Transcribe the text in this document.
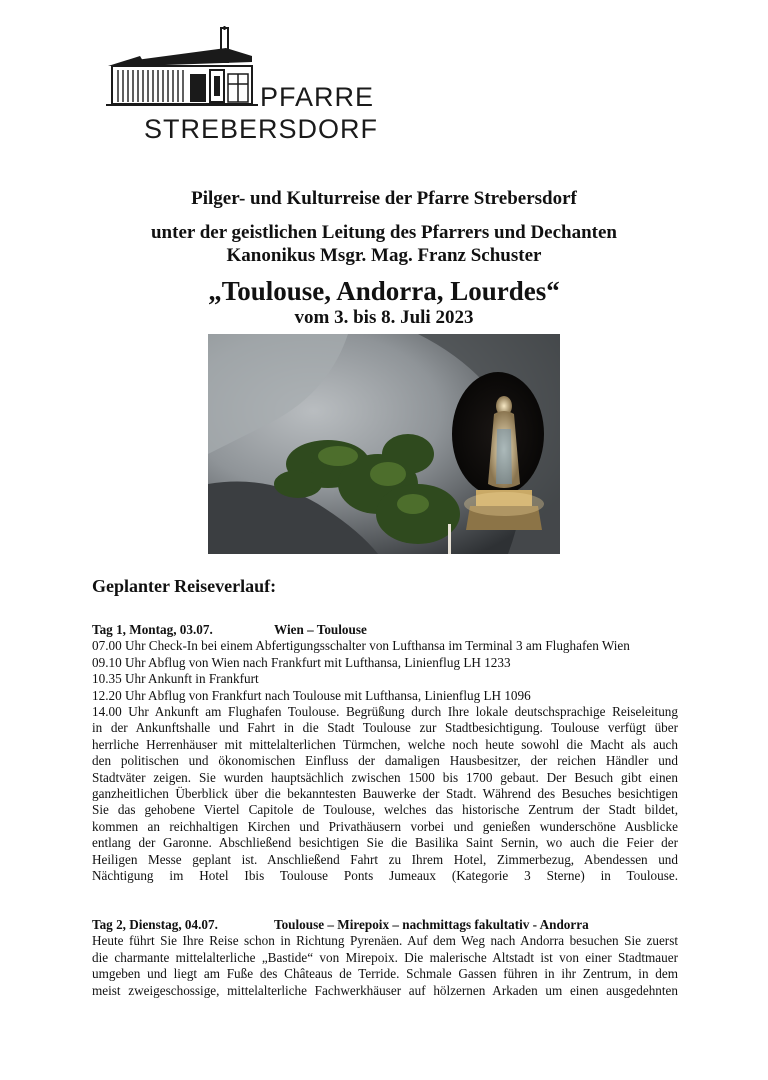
PFARRE
STREBERSDORF

Pilger- und Kulturreise der Pfarre Strebersdorf

unter der geistlichen Leitung des Pfarrers und Dechanten

Kanonikus Msgr. Mag. Franz Schuster

„Toulouse, Andorra, Lourdes“

vom 3. bis 8. Juli 2023

Geplanter Reiseverlauf:
Tag 1, Montag, 03.07.	Wien – Toulouse

07.00 Uhr Check-In bei einem Abfertigungsschalter von Lufthansa im Terminal 3 am Flughafen Wien

09.10 Uhr Abflug von Wien nach Frankfurt mit Lufthansa, Linienflug LH 1233

10.35 Uhr Ankunft in Frankfurt

12.20 Uhr Abflug von Frankfurt nach Toulouse mit Lufthansa, Linienflug LH 1096

14.00 Uhr Ankunft am Flughafen Toulouse. Begrüßung durch Ihre lokale deutschsprachige Reiseleitung

in der Ankunftshalle und Fahrt in die Stadt Toulouse zur Stadtbesichtigung. Toulouse verfügt über

herrliche Herrenhäuser mit mittelalterlichen Türmchen, welche noch heute sowohl die Macht als auch

den politischen und ökonomischen Einfluss der damaligen Hausbesitzer, der reichen Händler und

Stadtväter zeigen. Sie wurden hauptsächlich zwischen 1500 bis 1700 gebaut. Der Besuch gibt einen

ganzheitlichen Überblick über die bekanntesten Bauwerke der Stadt. Während des Besuches besichtigen

Sie das gehobene Viertel Capitole de Toulouse, welches das historische Zentrum der Stadt bildet,

kommen an reichhaltigen Kirchen und Privathäusern vorbei und genießen wunderschöne Ausblicke

entlang der Garonne. Abschließend besichtigen Sie die Basilika Saint Sernin, wo auch die Feier der

Heiligen Messe geplant ist. Anschließend Fahrt zu Ihrem Hotel, Zimmerbezug, Abendessen und

Nächtigung im Hotel Ibis Toulouse Ponts Jumeaux (Kategorie 3 Sterne) in Toulouse.

Tag 2, Dienstag, 04.07.	Toulouse – Mirepoix – nachmittags fakultativ - Andorra

Heute führt Sie Ihre Reise schon in Richtung Pyrenäen. Auf dem Weg nach Andorra besuchen Sie zuerst

die charmante mittelalterliche „Bastide“ von Mirepoix. Die malerische Altstadt ist von einer Stadtmauer

umgeben und liegt am Fuße des Châteaus de Terride. Schmale Gassen führen in ihr Zentrum, in dem

meist zweigeschossige, mittelalterliche Fachwerkhäuser auf hölzernen Arkaden um einen ausgedehnten
